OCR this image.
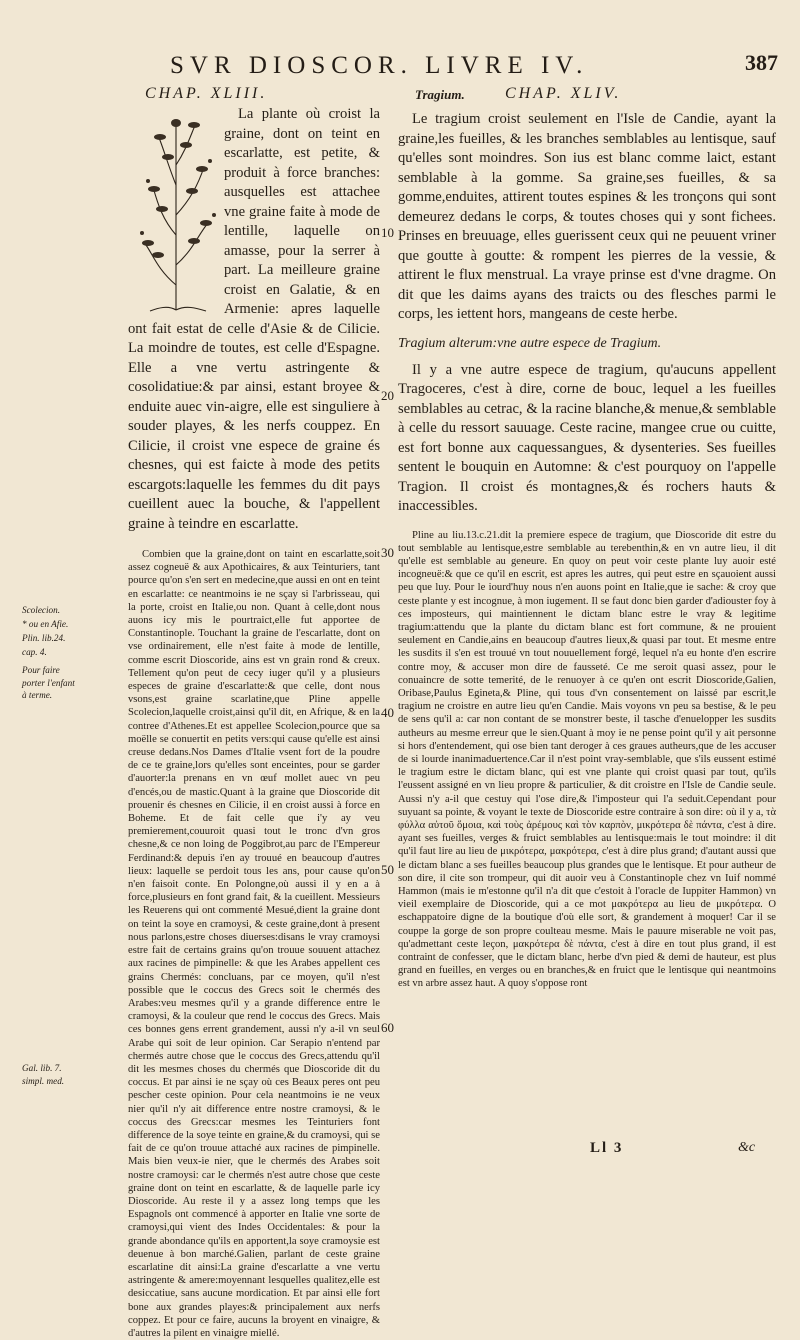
SVR DIOSCOR. LIVRE IV.	387
CHAP. XLIII.	Tragium.	CHAP. XLIV.

La plante où croist la graine, dont on teint en escarlatte, est petite, & produit à force branches: ausquelles est attachee vne graine faite à mode de lentille, laquelle on amasse, pour la serrer à part. La meilleure graine croist en Galatie, & en Armenie: apres laquelle ont fait estat de celle d'Asie & de Cilicie. La moindre de toutes, est celle d'Espagne. Elle a vne vertu astringente & cosolidatiue:& par ainsi, estant broyee & enduite auec vin-aigre, elle est singuliere à souder playes, & les nerfs couppez. En Cilicie, il croist vne espece de graine és chesnes, qui est faicte à mode des petits escargots:laquelle les femmes du dit pays cueillent auec la bouche, & l'appellent graine à teindre en escarlatte.

Combien que la graine,dont on taint en escarlatte,soit assez cogneuë & aux Apothicaires, & aux Teinturiers, tant pource qu'on s'en sert en medecine,que aussi en ont en teint en escarlatte: ce neantmoins ie ne sçay si l'arbrisseau, qui la porte, croist en Italie,ou non. Quant à celle,dont nous auons icy mis le pourtraict,elle fut apportee de Constantinople. Touchant la graine de l'escarlatte, dont on vse ordinairement, elle n'est faite à mode de lentille, comme escrit Dioscoride, ains est vn grain rond & creux. Tellement qu'on peut de cecy iuger qu'il y a plusieurs especes de graine d'escarlatte:& que celle, dont nous vsons,est graine scarlatine,que Pline appelle Scolecion,laquelle croist,ainsi qu'il dit, en Afrique, & en la contree d'Athenes.Et est appellee Scolecion,pource que sa moëlle se conuertit en petits vers:qui cause qu'elle est ainsi creuse dedans.Nos Dames d'Italie vsent fort de la poudre de ce te graine,lors qu'elles sont enceintes, pour se garder d'auorter:la prenans en vn œuf mollet auec vn peu d'encés,ou de mastic.Quant à la graine que Dioscoride dit prouenir és chesnes en Cilicie, il en croist aussi à force en Boheme. Et de fait celle que i'y ay veu premierement,couuroit quasi tout le tronc d'vn gros chesne,& ce non loing de Poggibrot,au parc de l'Empereur Ferdinand:& depuis i'en ay trouué en beaucoup d'autres lieux: laquelle se perdoit tous les ans, pour cause qu'on n'en faisoit conte. En Polongne,où aussi il y en a à force,plusieurs en font grand fait, & la cueillent. Messieurs les Reuerens qui ont commenté Mesué,dient la graine dont on teint la soye en cramoysi, & ceste graine,dont à present nous parlons,estre choses diuerses:disans le vray cramoysi estre fait de certains grains qu'on trouue souuent attachez aux racines de pimpinelle: & que les Arabes appellent ces grains Chermés: concluans, par ce moyen, qu'il n'est possible que le coccus des Grecs soit le chermés des Arabes:veu mesmes qu'il y a grande difference entre le cramoysi, & la couleur que rend le coccus des Grecs. Mais ces bonnes gens errent grandement, aussi n'y a-il vn seul Arabe qui soit de leur opinion. Car Serapio n'entend par chermés autre chose que le coccus des Grecs,attendu qu'il dit les mesmes choses du chermés que Dioscoride dit du coccus. Et par ainsi ie ne sçay où ces Beaux peres ont peu pescher ceste opinion. Pour cela neantmoins ie ne veux nier qu'il n'y ait difference entre nostre cramoysi, & le coccus des Grecs:car mesmes les Teinturiers font difference de la soye teinte en graine,& du cramoysi, qui se fait de ce qu'on trouue attaché aux racines de pimpinelle. Mais bien veux-ie nier, que le chermés des Arabes soit nostre cramoysi: car le chermés n'est autre chose que ceste graine dont on teint en escarlatte, & de laquelle parle icy Dioscoride. Au reste il y a assez long temps que les Espagnols ont commencé à apporter en Italie vne sorte de cramoysi,qui vient des Indes Occidentales: & pour la grande abondance qu'ils en apportent,la soye cramoysie est deuenue à bon marché.Galien, parlant de ceste graine escarlatine dit ainsi:La graine d'escarlatte a vne vertu astringente & amere:moyennant lesquelles qualitez,elle est desiccatiue, sans aucune mordication. Et par ainsi elle fort bone aux grandes playes:& principalement aux nerfs coppez. Et pour ce faire, aucuns la broyent en vinaigre, & d'autres la pilent en vinaigre miellé.

Le tragium croist seulement en l'Isle de Candie, ayant la graine,les fueilles, & les branches semblables au lentisque, sauf qu'elles sont moindres. Son ius est blanc comme laict, estant semblable à la gomme. Sa graine,ses fueilles, & sa gomme,enduites, attirent toutes espines & les tronçons qui sont demeurez dedans le corps, & toutes choses qui y sont fichees. Prinses en breuuage, elles guerissent ceux qui ne peuuent vriner que goutte à goutte: & rompent les pierres de la vessie, & attirent le flux menstrual. La vraye prinse est d'vne dragme. On dit que les daims ayans des traicts ou des flesches parmi le corps, les iettent hors, mangeans de ceste herbe.

Tragium alterum:vne autre espece de Tragium.

Il y a vne autre espece de tragium, qu'aucuns appellent Tragoceres, c'est à dire, corne de bouc, lequel a les fueilles semblables au cetrac, & la racine blanche,& menue,& semblable à celle du ressort sauuage. Ceste racine, mangee crue ou cuitte, est fort bonne aux caquessangues, & dysenteries. Ses fueilles sentent le bouquin en Automne: & c'est pourquoy on l'appelle Tragion. Il croist és montagnes,& és rochers hauts & inaccessibles.

Pline au liu.13.c.21.dit la premiere espece de tragium, que Dioscoride dit estre du tout semblable au lentisque,estre semblable au terebenthin,& en vn autre lieu, il dit qu'elle est semblable au geneure. En quoy on peut voir ceste plante luy auoir esté incogneuë:& que ce qu'il en escrit, est apres les autres, qui peut estre en sçauoient aussi peu que luy. Pour le iourd'huy nous n'en auons point en Italie,que ie sache: & croy que ceste plante y est incognue, à mon iugement. Il se faut donc bien garder d'adiouster foy à ces imposteurs, qui maintiennent le dictam blanc estre le vray & legitime tragium:attendu que la plante du dictam blanc est fort commune, & ne prouient seulement en Candie,ains en beaucoup d'autres lieux,& quasi par tout. Et mesme entre les susdits il s'en est trouué vn tout nouuellement forgé, lequel n'a eu honte d'en escrire contre moy, & accuser mon dire de fausseté. Ce me seroit quasi assez, pour le conuaincre de sotte temerité, de le renuoyer à ce qu'en ont escrit Dioscoride,Galien, Oribase,Paulus Egineta,& Pline, qui tous d'vn consentement on laissé par escrit,le tragium ne croistre en autre lieu qu'en Candie. Mais voyons vn peu sa bestise, & le peu de sens qu'il a: car non contant de se monstrer beste, il tasche d'enuelopper les susdits autheurs au mesme erreur que le sien.Quant à moy ie ne pense point qu'il y ait personne si hors d'entendement, qui ose bien tant deroger à ces graues autheurs,que de les accuser de si lourde inanimaduertence.Car il n'est point vray-semblable, que s'ils eussent estimé le tragium estre le dictam blanc, qui est vne plante qui croist quasi par tout, qu'ils l'eussent assigné en vn lieu propre & particulier, & dit croistre en l'Isle de Candie seule. Aussi n'y a-il que cestuy qui l'ose dire,& l'imposteur qui l'a seduit.Cependant pour suyuant sa pointe, & voyant le texte de Dioscoride estre contraire à son dire: où il y a, τὰ φύλλα αὐτοῦ ὅμοια, καὶ τοὺς ἀρέμους καὶ τὸν καρπὸν, μικρότερα δὲ πάντα, c'est à dire. ayant ses fueilles, verges & fruict semblables au lentisque:mais le tout moindre: il dit qu'il faut lire au lieu de μικρότερα, μακρότερα, c'est à dire plus grand; d'autant aussi que le dictam blanc a ses fueilles beaucoup plus grandes que le lentisque. Et pour autheur de son dire, il cite son trompeur, qui dit auoir veu à Constantinople chez vn Iuif nommé Hammon (mais ie m'estonne qu'il n'a dit que c'estoit à l'oracle de Iuppiter Hammon) vn vieil exemplaire de Dioscoride, qui a ce mot μακρότερα au lieu de μικρότερα. O eschappatoire digne de la boutique d'où elle sort, & grandement à moquer! Car il se couppe la gorge de son propre coulteau mesme. Mais le pauure miserable ne voit pas, qu'admettant ceste leçon, μακρότερα δὲ πάντα, c'est à dire en tout plus grand, il est contraint de confesser, que le dictam blanc, herbe d'vn pied & demi de hauteur, est plus grand en fueilles, en verges ou en branches,& en fruict que le lentisque qui neantmoins est vn arbre assez haut. A quoy s'oppose ront

Scolecion.
* ou en Afie.
Plin. lib.24.
cap. 4.
Pour faire porter l'enfant à terme.
Gal. lib. 7. simpl. med.
10
20
30
40
50
60
Ll 3	&c
